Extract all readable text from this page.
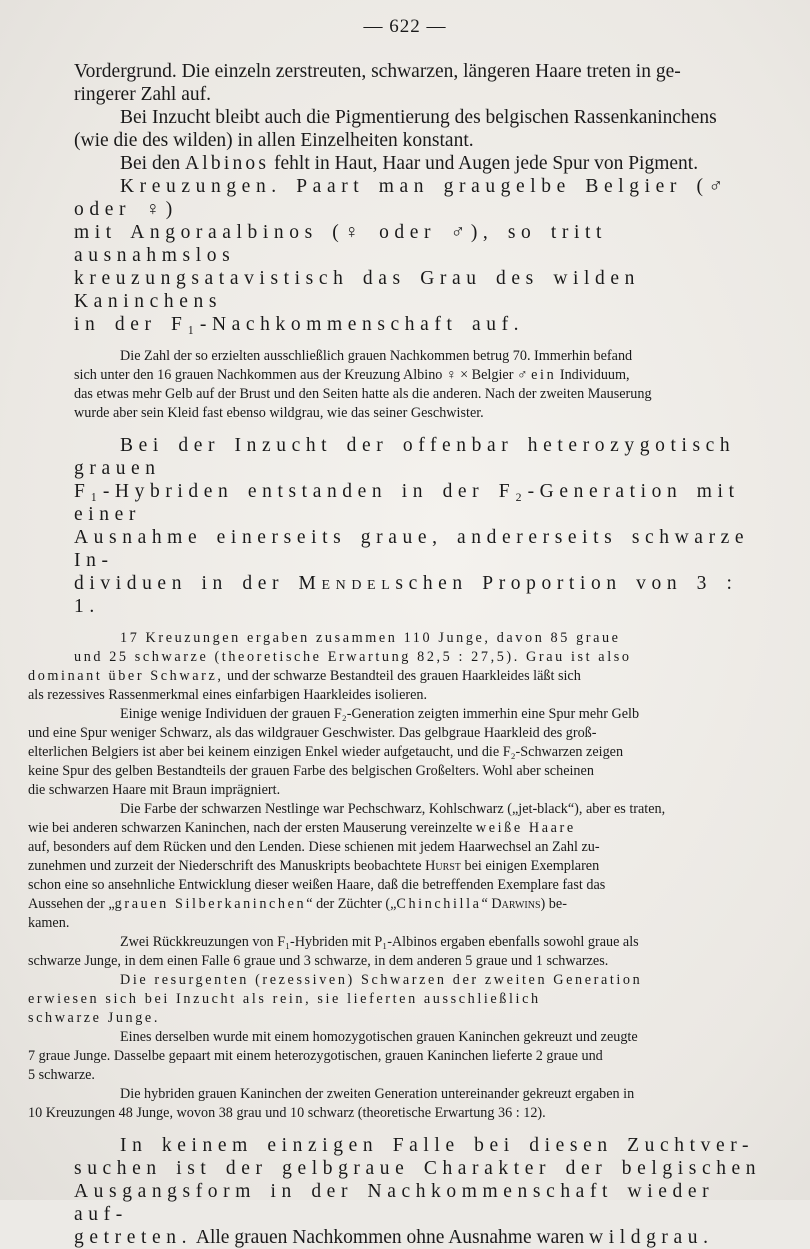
— 622 —

Vordergrund. Die einzeln zerstreuten, schwarzen, längeren Haare treten in ge-
ringerer Zahl auf.

Bei Inzucht bleibt auch die Pigmentierung des belgischen Rassenkaninchens
(wie die des wilden) in allen Einzelheiten konstant.

Bei den Albinos fehlt in Haut, Haar und Augen jede Spur von Pigment.

Kreuzungen. Paart man graugelbe Belgier (♂ oder ♀)
mit Angoraalbinos (♀ oder ♂), so tritt ausnahmslos
kreuzungsatavistisch das Grau des wilden Kaninchens
in der F₁-Nachkommenschaft auf.

Die Zahl der so erzielten ausschließlich grauen Nachkommen betrug 70. Immerhin befand
sich unter den 16 grauen Nachkommen aus der Kreuzung Albino ♀ × Belgier ♂ ein Individuum,
das etwas mehr Gelb auf der Brust und den Seiten hatte als die anderen. Nach der zweiten Mauserung
wurde aber sein Kleid fast ebenso wildgrau, wie das seiner Geschwister.

Bei der Inzucht der offenbar heterozygotisch grauen
F₁-Hybriden entstanden in der F₂-Generation mit einer
Ausnahme einerseits graue, andererseits schwarze In-
dividuen in der Mendelschen Proportion von 3 : 1.

17 Kreuzungen ergaben zusammen 110 Junge, davon 85 graue
und 25 schwarze (theoretische Erwartung 82,5 : 27,5). Grau ist also
dominant über Schwarz, und der schwarze Bestandteil des grauen Haarkleides läßt sich
als rezessives Rassenmerkmal eines einfarbigen Haarkleides isolieren.

Einige wenige Individuen der grauen F₂-Generation zeigten immerhin eine Spur mehr Gelb
und eine Spur weniger Schwarz, als das wildgrauer Geschwister. Das gelbgraue Haarkleid des groß-
elterlichen Belgiers ist aber bei keinem einzigen Enkel wieder aufgetaucht, und die F₂-Schwarzen zeigen
keine Spur des gelben Bestandteils der grauen Farbe des belgischen Großelters. Wohl aber scheinen
die schwarzen Haare mit Braun imprägniert.

Die Farbe der schwarzen Nestlinge war Pechschwarz, Kohlschwarz („jet-black“), aber es traten,
wie bei anderen schwarzen Kaninchen, nach der ersten Mauserung vereinzelte weiße Haare
auf, besonders auf dem Rücken und den Lenden. Diese schienen mit jedem Haarwechsel an Zahl zu-
zunehmen und zurzeit der Niederschrift des Manuskripts beobachtete Hurst bei einigen Exemplaren
schon eine so ansehnliche Entwicklung dieser weißen Haare, daß die betreffenden Exemplare fast das
Aussehen der „grauen Silberkaninchen“ der Züchter („Chinchilla“ Darwins) be-
kamen.

Zwei Rückkreuzungen von F₁-Hybriden mit P₁-Albinos ergaben ebenfalls sowohl graue als
schwarze Junge, in dem einen Falle 6 graue und 3 schwarze, in dem anderen 5 graue und 1 schwarzes.

Die resurgenten (rezessiven) Schwarzen der zweiten Generation
erwiesen sich bei Inzucht als rein, sie lieferten ausschließlich
schwarze Junge.

Eines derselben wurde mit einem homozygotischen grauen Kaninchen gekreuzt und zeugte
7 graue Junge. Dasselbe gepaart mit einem heterozygotischen, grauen Kaninchen lieferte 2 graue und
5 schwarze.

Die hybriden grauen Kaninchen der zweiten Generation untereinander gekreuzt ergaben in
10 Kreuzungen 48 Junge, wovon 38 grau und 10 schwarz (theoretische Erwartung 36 : 12).

In keinem einzigen Falle bei diesen Zuchtver-
suchen ist der gelbgraue Charakter der belgischen
Ausgangsform in der Nachkommenschaft wieder auf-
getreten. Alle grauen Nachkommen ohne Ausnahme waren wildgrau.
